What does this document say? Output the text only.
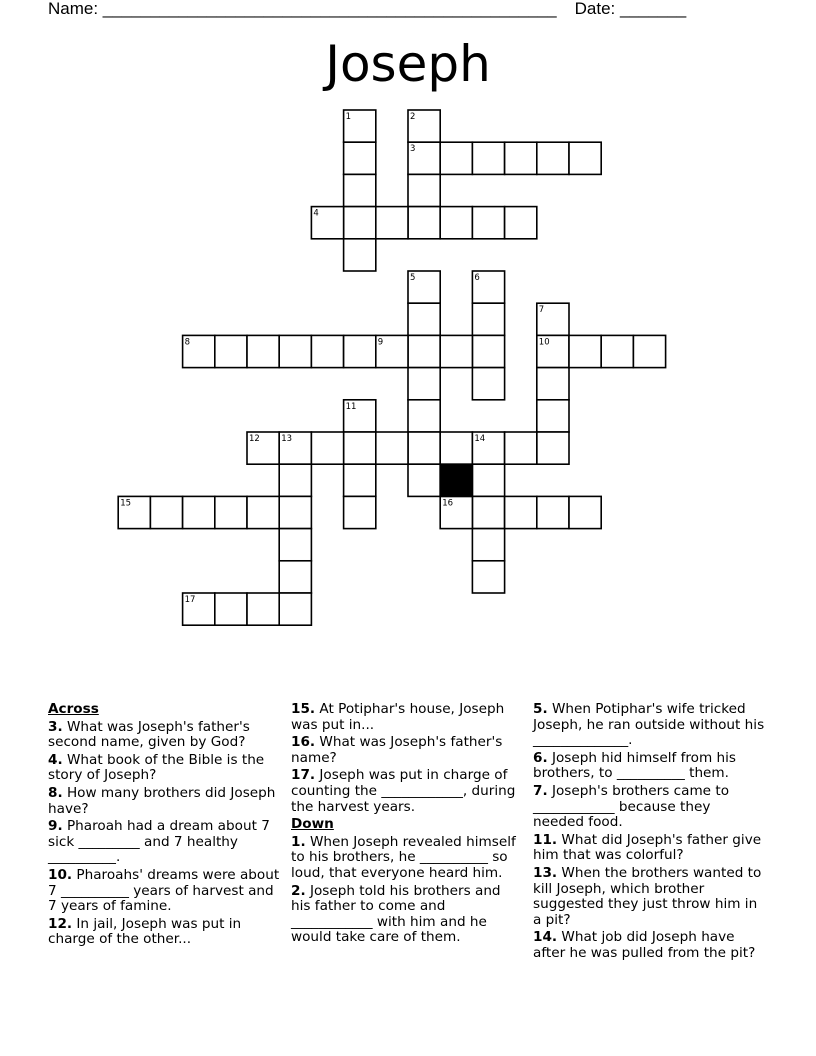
Name: ________________________________________________ Date: _______
Joseph
1	2
3
4
5	6
7
8	9	10
11
12	13	14
15	16
17
Across
3. What was Joseph's father's second name, given by God?
4. What book of the Bible is the story of Joseph?
8. How many brothers did Joseph have?
9. Pharoah had a dream about 7 sick _________ and 7 healthy __________.
10. Pharoahs' dreams were about 7 __________ years of harvest and 7 years of famine.
12. In jail, Joseph was put in charge of the other...
15. At Potiphar's house, Joseph was put in...
16. What was Joseph's father's name?
17. Joseph was put in charge of counting the ____________, during the harvest years.
Down
1. When Joseph revealed himself to his brothers, he __________ so loud, that everyone heard him.
2. Joseph told his brothers and his father to come and ____________ with him and he would take care of them.
5. When Potiphar's wife tricked Joseph, he ran outside without his ______________.
6. Joseph hid himself from his brothers, to __________ them.
7. Joseph's brothers came to ____________ because they needed food.
11. What did Joseph's father give him that was colorful?
13. When the brothers wanted to kill Joseph, which brother suggested they just throw him in a pit?
14. What job did Joseph have after he was pulled from the pit?
